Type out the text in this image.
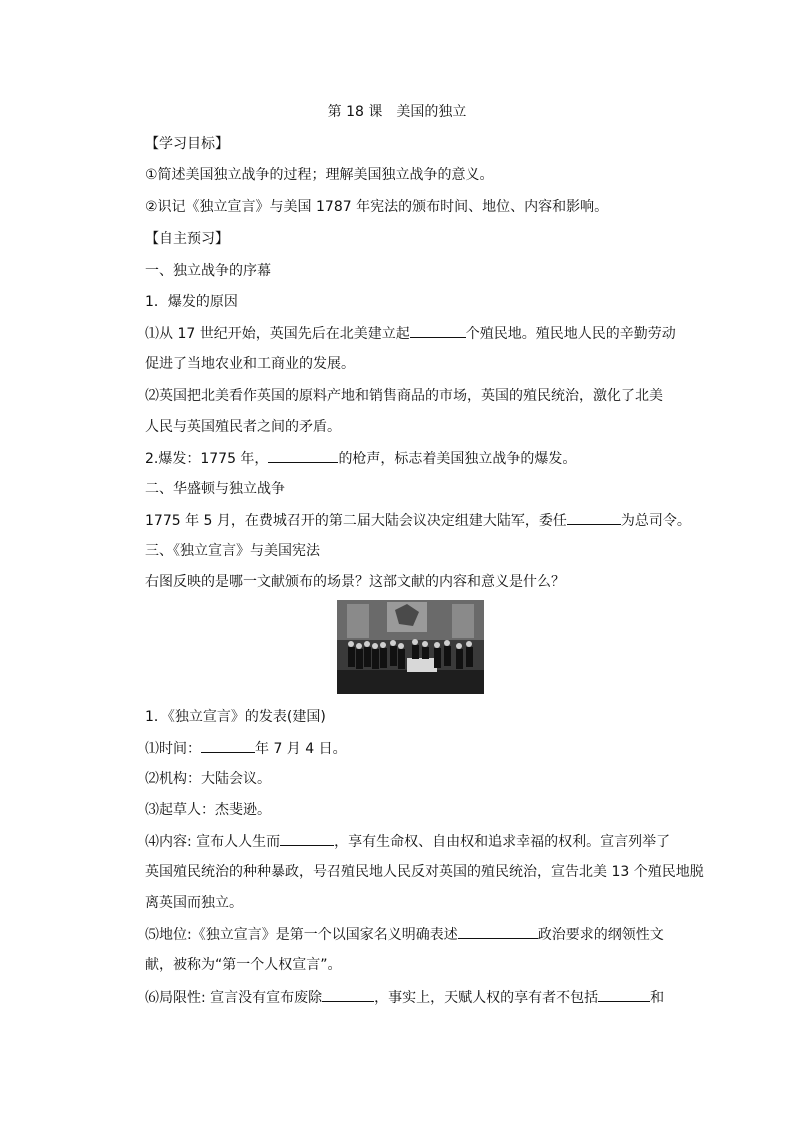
第 18 课　美国的独立
【学习目标】
①简述美国独立战争的过程；理解美国独立战争的意义。
②识记《独立宣言》与美国 1787 年宪法的颁布时间、地位、内容和影响。
【自主预习】
一、独立战争的序幕
1．爆发的原因
⑴从 17 世纪开始，英国先后在北美建立起	个殖民地。殖民地人民的辛勤劳动
促进了当地农业和工商业的发展。
⑵英国把北美看作英国的原料产地和销售商品的市场，英国的殖民统治，激化了北美
人民与英国殖民者之间的矛盾。
2.爆发：1775 年，	的枪声，标志着美国独立战争的爆发。
二、华盛顿与独立战争
1775 年 5 月，在费城召开的第二届大陆会议决定组建大陆军，委任	为总司令。
三、《独立宣言》与美国宪法
右图反映的是哪一文献颁布的场景？这部文献的内容和意义是什么？
1．《独立宣言》的发表(建国)
⑴时间：	年 7 月 4 日。
⑵机构：大陆会议。
⑶起草人：杰斐逊。
⑷内容: 宣布人人生而	，享有生命权、自由权和追求幸福的权利。宣言列举了
英国殖民统治的种种暴政，号召殖民地人民反对英国的殖民统治，宣告北美 13 个殖民地脱
离英国而独立。
⑸地位:《独立宣言》是第一个以国家名义明确表述	政治要求的纲领性文
献，被称为“第一个人权宣言”。
⑹局限性: 宣言没有宣布废除	，事实上，天赋人权的享有者不包括	和
